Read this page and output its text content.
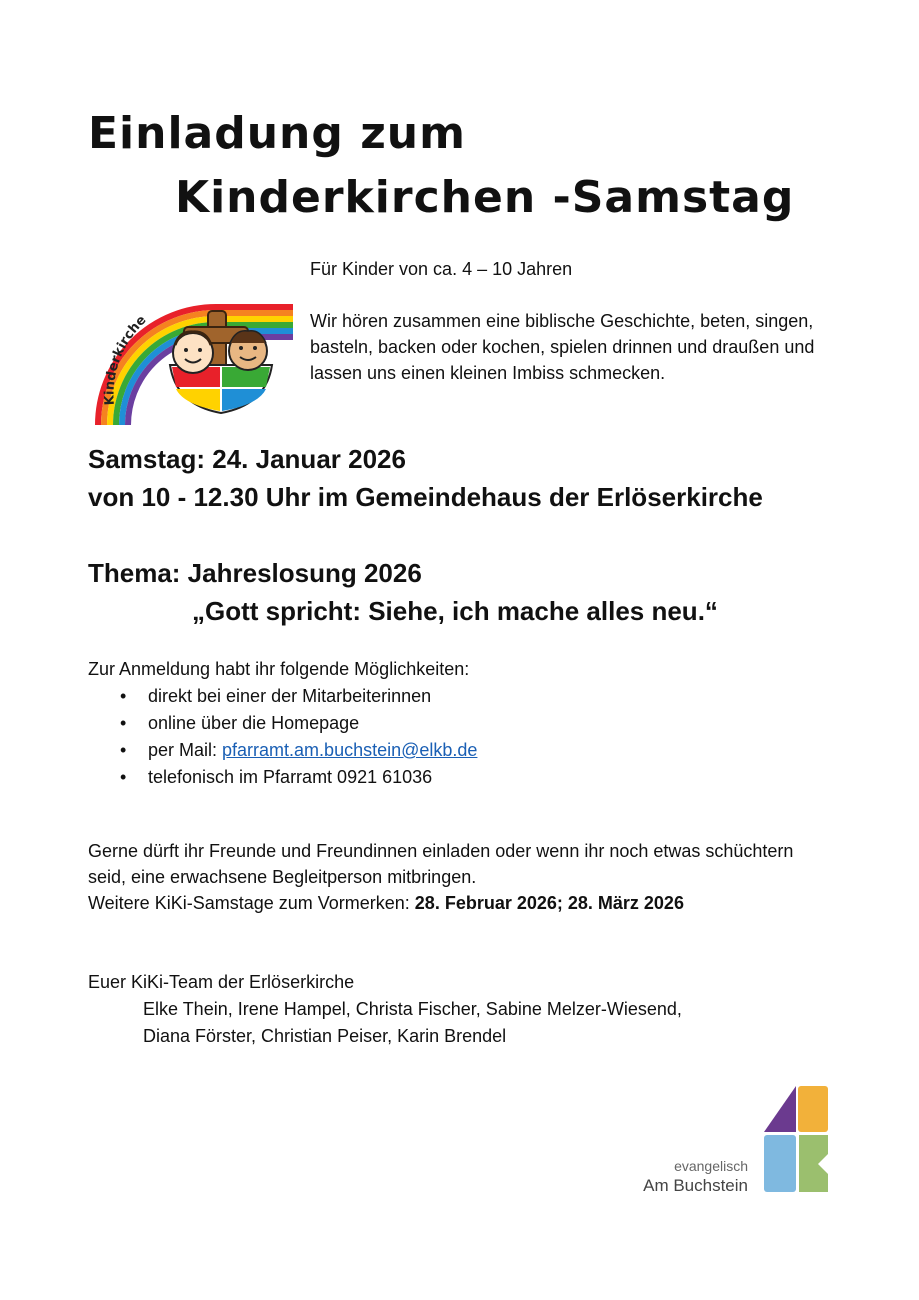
Einladung zum
Kinderkirchen -Samstag
Kinderkirche

Für Kinder von ca. 4 – 10 Jahren

Wir hören zusammen eine biblische Geschichte, beten, singen, basteln, backen oder kochen, spielen drinnen und draußen und lassen uns einen kleinen Imbiss schmecken.

Samstag: 24. Januar 2026
von 10 - 12.30 Uhr im Gemeindehaus der Erlöserkirche
Thema: Jahreslosung 2026
„Gott spricht: Siehe, ich mache alles neu.“
Zur Anmeldung habt ihr folgende Möglichkeiten:
• direkt bei einer der Mitarbeiterinnen
• online über die Homepage
• per Mail: pfarramt.am.buchstein@elkb.de
• telefonisch im Pfarramt 0921 61036

Gerne dürft ihr Freunde und Freundinnen einladen oder wenn ihr noch etwas schüchtern seid, eine erwachsene Begleitperson mitbringen.

Weitere KiKi-Samstage zum Vormerken: 28. Februar 2026; 28. März 2026

Euer KiKi-Team der Erlöserkirche
Elke Thein, Irene Hampel, Christa Fischer, Sabine Melzer-Wiesend,
Diana Förster, Christian Peiser, Karin Brendel
evangelisch
Am Buchstein
